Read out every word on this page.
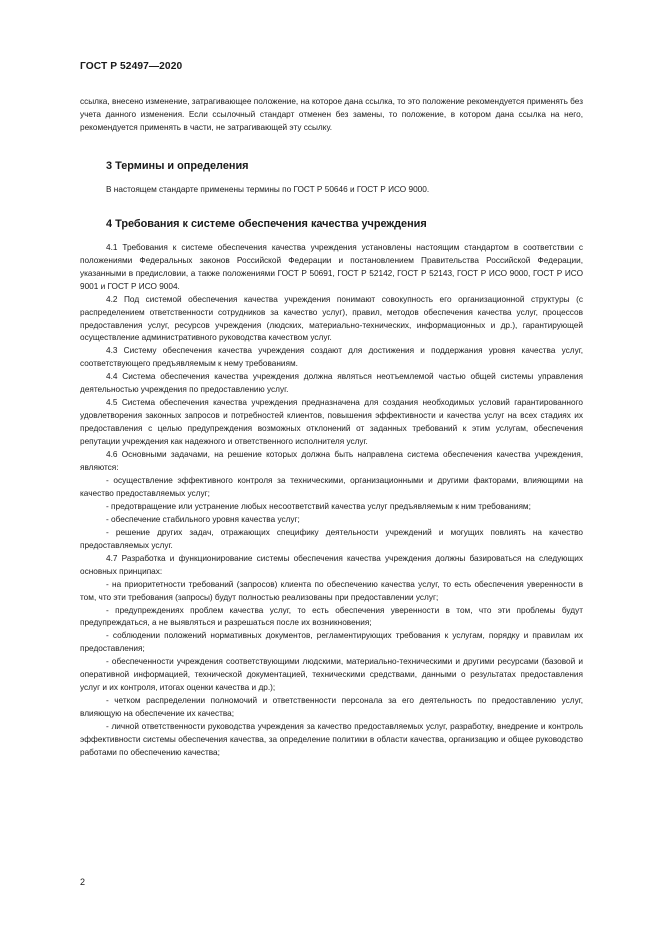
ГОСТ Р 52497—2020

ссылка, внесено изменение, затрагивающее положение, на которое дана ссылка, то это положение рекомендуется применять без учета данного изменения. Если ссылочный стандарт отменен без замены, то положение, в котором дана ссылка на него, рекомендуется применять в части, не затрагивающей эту ссылку.

3 Термины и определения

В настоящем стандарте применены термины по ГОСТ Р 50646 и ГОСТ Р ИСО 9000.

4 Требования к системе обеспечения качества учреждения

4.1 Требования к системе обеспечения качества учреждения установлены настоящим стандартом в соответствии с положениями Федеральных законов Российской Федерации и постановлением Правительства Российской Федерации, указанными в предисловии, а также положениями ГОСТ Р 50691, ГОСТ Р 52142, ГОСТ Р 52143, ГОСТ Р ИСО 9000, ГОСТ Р ИСО 9001 и ГОСТ Р ИСО 9004.

4.2 Под системой обеспечения качества учреждения понимают совокупность его организационной структуры (с распределением ответственности сотрудников за качество услуг), правил, методов обеспечения качества услуг, процессов предоставления услуг, ресурсов учреждения (людских, материально-технических, информационных и др.), гарантирующей осуществление административного руководства качеством услуг.

4.3 Систему обеспечения качества учреждения создают для достижения и поддержания уровня качества услуг, соответствующего предъявляемым к нему требованиям.

4.4 Система обеспечения качества учреждения должна являться неотъемлемой частью общей системы управления деятельностью учреждения по предоставлению услуг.

4.5 Система обеспечения качества учреждения предназначена для создания необходимых условий гарантированного удовлетворения законных запросов и потребностей клиентов, повышения эффективности и качества услуг на всех стадиях их предоставления с целью предупреждения возможных отклонений от заданных требований к этим услугам, обеспечения репутации учреждения как надежного и ответственного исполнителя услуг.

4.6 Основными задачами, на решение которых должна быть направлена система обеспечения качества учреждения, являются:

- осуществление эффективного контроля за техническими, организационными и другими факторами, влияющими на качество предоставляемых услуг;

- предотвращение или устранение любых несоответствий качества услуг предъявляемым к ним требованиям;

- обеспечение стабильного уровня качества услуг;

- решение других задач, отражающих специфику деятельности учреждений и могущих повлиять на качество предоставляемых услуг.

4.7 Разработка и функционирование системы обеспечения качества учреждения должны базироваться на следующих основных принципах:

- на приоритетности требований (запросов) клиента по обеспечению качества услуг, то есть обеспечения уверенности в том, что эти требования (запросы) будут полностью реализованы при предоставлении услуг;

- предупреждениях проблем качества услуг, то есть обеспечения уверенности в том, что эти проблемы будут предупреждаться, а не выявляться и разрешаться после их возникновения;

- соблюдении положений нормативных документов, регламентирующих требования к услугам, порядку и правилам их предоставления;

- обеспеченности учреждения соответствующими людскими, материально-техническими и другими ресурсами (базовой и оперативной информацией, технической документацией, техническими средствами, данными о результатах предоставления услуг и их контроля, итогах оценки качества и др.);

- четком распределении полномочий и ответственности персонала за его деятельность по предоставлению услуг, влияющую на обеспечение их качества;

- личной ответственности руководства учреждения за качество предоставляемых услуг, разработку, внедрение и контроль эффективности системы обеспечения качества, за определение политики в области качества, организацию и общее руководство работами по обеспечению качества;

2
